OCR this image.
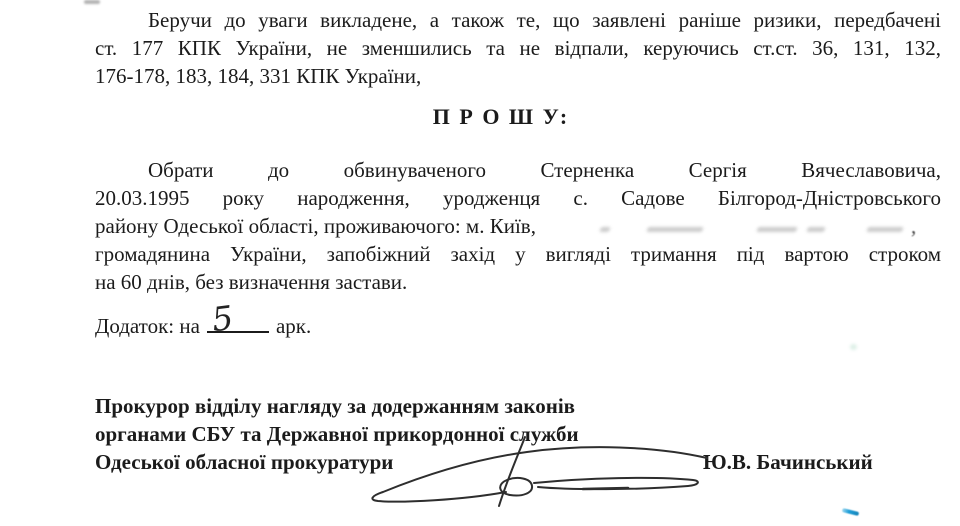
Беручи до уваги викладене, а також те, що заявлені раніше ризики, передбачені
ст. 177 КПК України, не зменшились та не відпали, керуючись ст.ст. 36, 131, 132,
176-178, 183, 184, 331 КПК України,
П Р О Ш У:
Обрати до обвинуваченого Стерненка Сергія Вячеславовича,
20.03.1995 року народження, уродженця с. Садове Білгород-Дністровського
району Одеської області, проживаючого: м. Київ,	,
громадянина України, запобіжний захід у вигляді тримання під вартою строком
на 60 днів, без визначення застави.
Додаток: на	арк.
5
Прокурор відділу нагляду за додержанням законів
органами СБУ та Державної прикордонної служби
Одеської обласної прокуратури	Ю.В. Бачинський
